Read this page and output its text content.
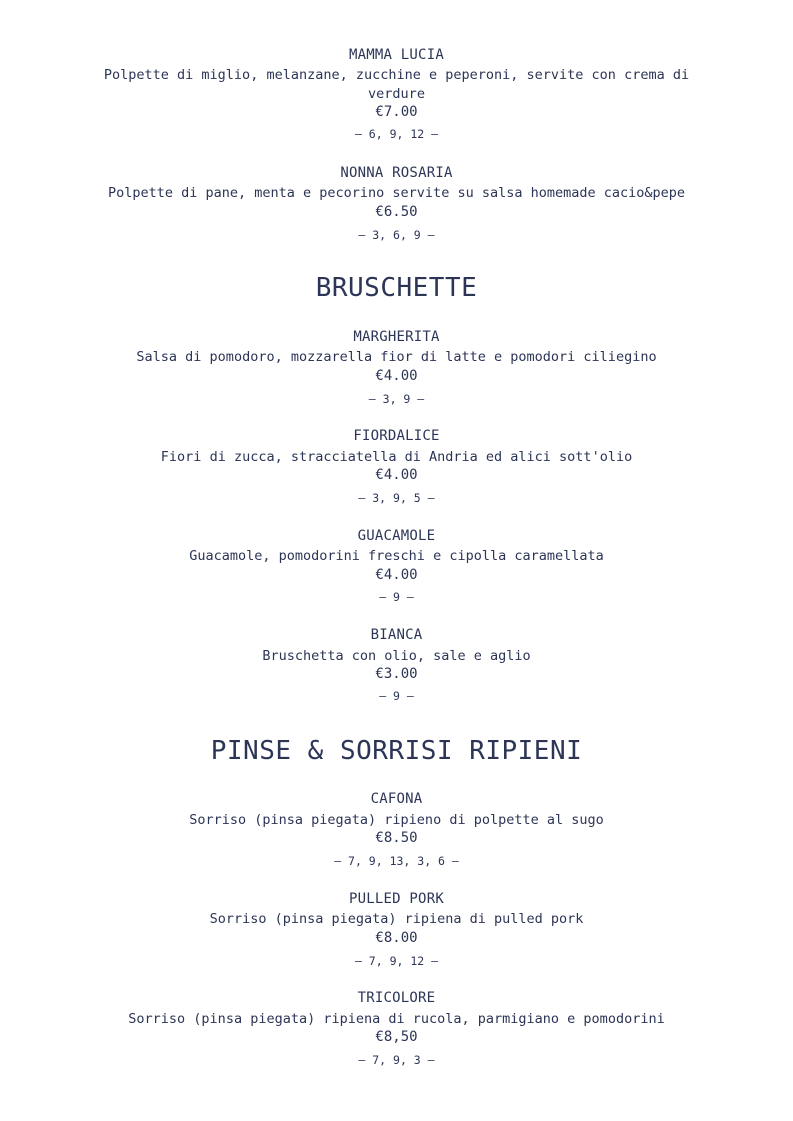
MAMMA LUCIA
Polpette di miglio, melanzane, zucchine e peperoni, servite con crema di
verdure
€7.00
— 6, 9, 12 —
NONNA ROSARIA
Polpette di pane, menta e pecorino servite su salsa homemade cacio&pepe
€6.50
— 3, 6, 9 —
BRUSCHETTE
MARGHERITA
Salsa di pomodoro, mozzarella fior di latte e pomodori ciliegino
€4.00
— 3, 9 —
FIORDALICE
Fiori di zucca, stracciatella di Andria ed alici sott'olio
€4.00
— 3, 9, 5 —
GUACAMOLE
Guacamole, pomodorini freschi e cipolla caramellata
€4.00
— 9 —
BIANCA
Bruschetta con olio, sale e aglio
€3.00
— 9 —
PINSE & SORRISI RIPIENI
CAFONA
Sorriso (pinsa piegata) ripieno di polpette al sugo
€8.50
— 7, 9, 13, 3, 6 —
PULLED PORK
Sorriso (pinsa piegata) ripiena di pulled pork
€8.00
— 7, 9, 12 —
TRICOLORE
Sorriso (pinsa piegata) ripiena di rucola, parmigiano e pomodorini
€8,50
— 7, 9, 3 —
